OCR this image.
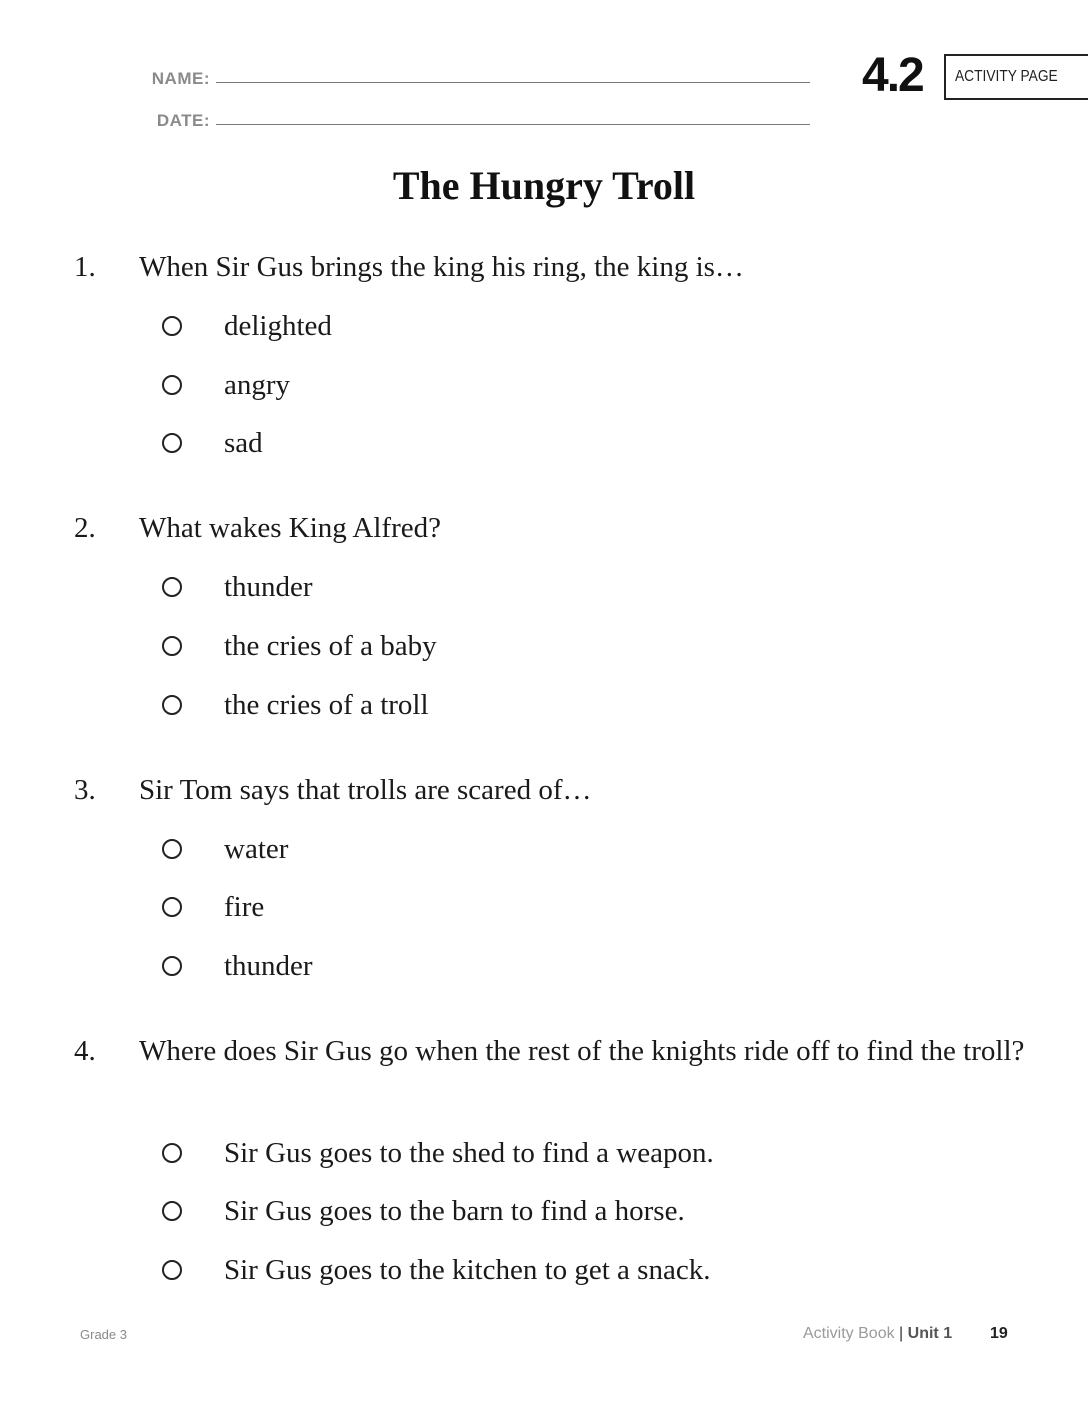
NAME:
DATE:
4.2 ACTIVITY PAGE
The Hungry Troll
1. When Sir Gus brings the king his ring, the king is…
delighted
angry
sad
2. What wakes King Alfred?
thunder
the cries of a baby
the cries of a troll
3. Sir Tom says that trolls are scared of…
water
fire
thunder
4. Where does Sir Gus go when the rest of the knights ride off to find the troll?
Sir Gus goes to the shed to find a weapon.
Sir Gus goes to the barn to find a horse.
Sir Gus goes to the kitchen to get a snack.
Grade 3	Activity Book | Unit 1 19
